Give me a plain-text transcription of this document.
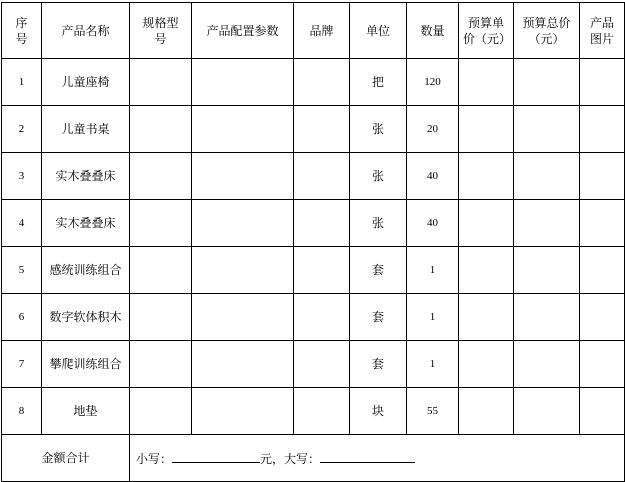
序号	产品名称	规格型号	产品配置参数	品牌	单位	数量	预算单价（元）	预算总价（元）	产品图片
1	儿童座椅				把	120			
2	儿童书桌				张	20			
3	实木叠叠床				张	40			
4	实木叠叠床				张	40			
5	感统训练组合				套	1			
6	数字软体积木				套	1			
7	攀爬训练组合				套	1			
8	地垫				块	55			
金额合计		小写： 元，大写：							
